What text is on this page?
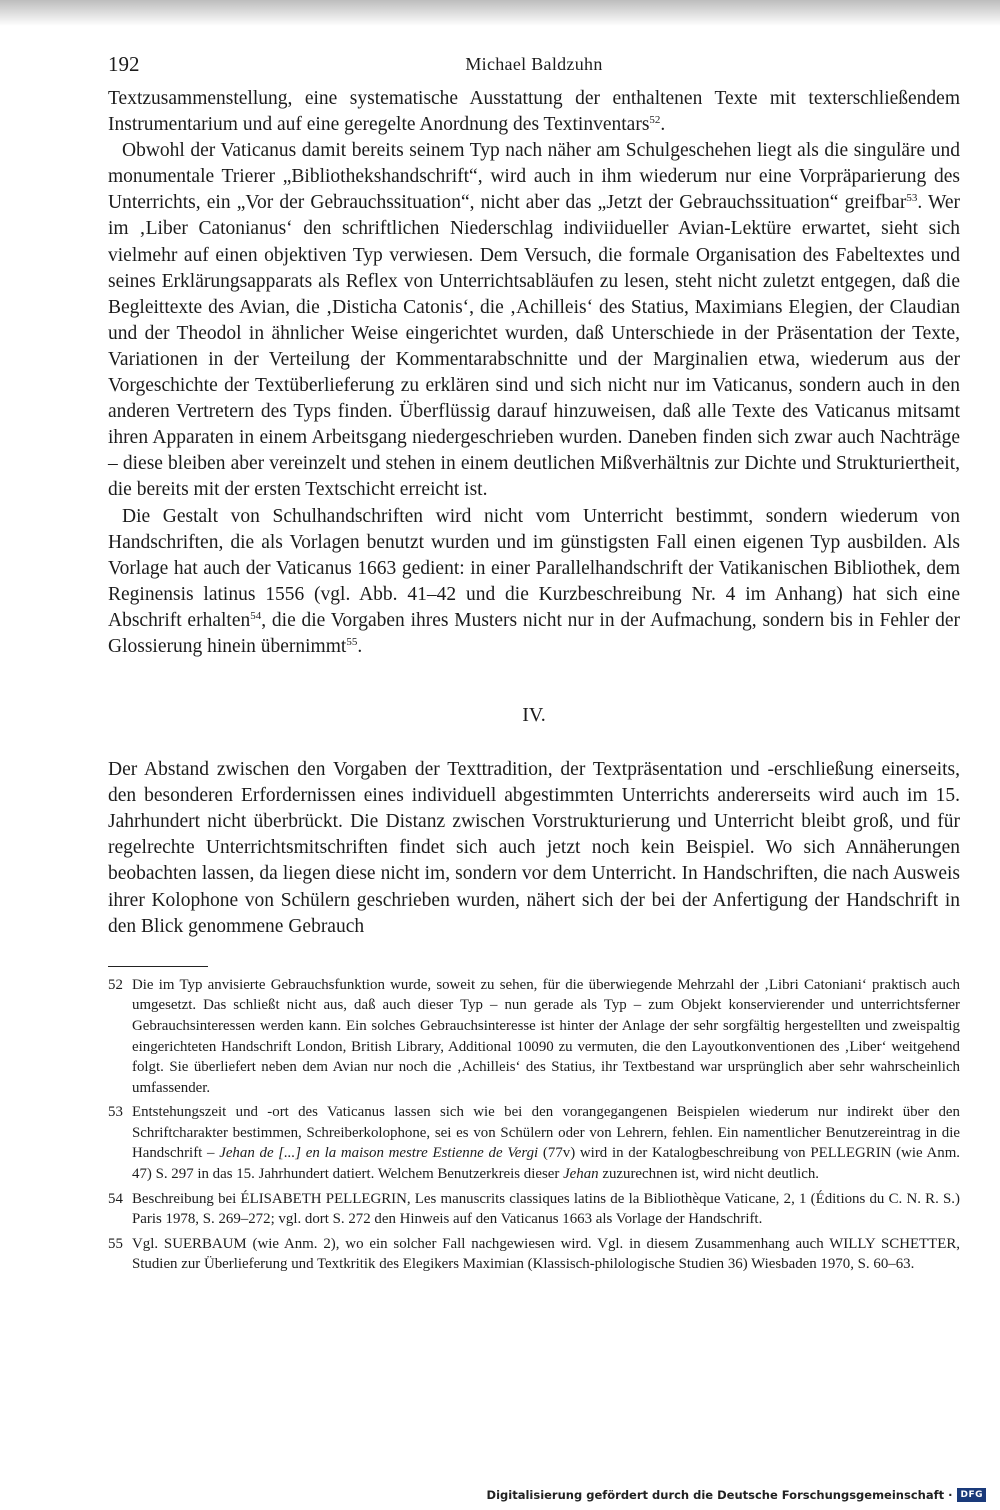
192	Michael Baldzuhn

Textzusammenstellung, eine systematische Ausstattung der enthaltenen Texte mit texterschließendem Instrumentarium und auf eine geregelte Anordnung des Textinventars$^{52}$.

Obwohl der Vaticanus damit bereits seinem Typ nach näher am Schulgeschehen liegt als die singuläre und monumentale Trierer „Bibliothekshandschrift“, wird auch in ihm wiederum nur eine Vorpräparierung des Unterrichts, ein „Vor der Gebrauchssituation“, nicht aber das „Jetzt der Gebrauchssituation“ greifbar$^{53}$. Wer im ‚Liber Catonianus‘ den schriftlichen Niederschlag indiviidueller Avian-Lektüre erwartet, sieht sich vielmehr auf einen objektiven Typ verwiesen. Dem Versuch, die formale Organisation des Fabeltextes und seines Erklärungsapparats als Reflex von Unterrichtsabläufen zu lesen, steht nicht zuletzt entgegen, daß die Begleittexte des Avian, die ‚Disticha Catonis‘, die ‚Achilleis‘ des Statius, Maximians Elegien, der Claudian und der Theodol in ähnlicher Weise eingerichtet wurden, daß Unterschiede in der Präsentation der Texte, Variationen in der Verteilung der Kommentarabschnitte und der Marginalien etwa, wiederum aus der Vorgeschichte der Textüberlieferung zu erklären sind und sich nicht nur im Vaticanus, sondern auch in den anderen Vertretern des Typs finden. Überflüssig darauf hinzuweisen, daß alle Texte des Vaticanus mitsamt ihren Apparaten in einem Arbeitsgang niedergeschrieben wurden. Daneben finden sich zwar auch Nachträge – diese bleiben aber vereinzelt und stehen in einem deutlichen Mißverhältnis zur Dichte und Strukturiertheit, die bereits mit der ersten Textschicht erreicht ist.

Die Gestalt von Schulhandschriften wird nicht vom Unterricht bestimmt, sondern wiederum von Handschriften, die als Vorlagen benutzt wurden und im günstigsten Fall einen eigenen Typ ausbilden. Als Vorlage hat auch der Vaticanus 1663 gedient: in einer Parallelhandschrift der Vatikanischen Bibliothek, dem Reginensis latinus 1556 (vgl. Abb. 41–42 und die Kurzbeschreibung Nr. 4 im Anhang) hat sich eine Abschrift erhalten$^{54}$, die die Vorgaben ihres Musters nicht nur in der Aufmachung, sondern bis in Fehler der Glossierung hinein übernimmt$^{55}$.

IV.

Der Abstand zwischen den Vorgaben der Texttradition, der Textpräsentation und -erschließung einerseits, den besonderen Erfordernissen eines individuell abgestimmten Unterrichts andererseits wird auch im 15. Jahrhundert nicht überbrückt. Die Distanz zwischen Vorstrukturierung und Unterricht bleibt groß, und für regelrechte Unterrichtsmitschriften findet sich auch jetzt noch kein Beispiel. Wo sich Annäherungen beobachten lassen, da liegen diese nicht im, sondern vor dem Unterricht. In Handschriften, die nach Ausweis ihrer Kolophone von Schülern geschrieben wurden, nähert sich der bei der Anfertigung der Handschrift in den Blick genommene Gebrauch

52 Die im Typ anvisierte Gebrauchsfunktion wurde, soweit zu sehen, für die überwiegende Mehrzahl der ‚Libri Catoniani‘ praktisch auch umgesetzt. Das schließt nicht aus, daß auch dieser Typ – nun gerade als Typ – zum Objekt konservierender und unterrichtsferner Gebrauchsinteressen werden kann. Ein solches Gebrauchsinteresse ist hinter der Anlage der sehr sorgfältig hergestellten und zweispaltig eingerichteten Handschrift London, British Library, Additional 10090 zu vermuten, die den Layoutkonventionen des ‚Liber‘ weitgehend folgt. Sie überliefert neben dem Avian nur noch die ‚Achilleis‘ des Statius, ihr Textbestand war ursprünglich aber sehr wahrscheinlich umfassender.

53 Entstehungszeit und -ort des Vaticanus lassen sich wie bei den vorangegangenen Beispielen wiederum nur indirekt über den Schriftcharakter bestimmen, Schreiberkolophone, sei es von Schülern oder von Lehrern, fehlen. Ein namentlicher Benutzereintrag in die Handschrift – Jehan de [...] en la maison mestre Estienne de Vergi (77v) wird in der Katalogbeschreibung von PELLEGRIN (wie Anm. 47) S. 297 in das 15. Jahrhundert datiert. Welchem Benutzerkreis dieser Jehan zuzurechnen ist, wird nicht deutlich.

54 Beschreibung bei ÉLISABETH PELLEGRIN, Les manuscrits classiques latins de la Bibliothèque Vaticane, 2, 1 (Éditions du C. N. R. S.) Paris 1978, S. 269–272; vgl. dort S. 272 den Hinweis auf den Vaticanus 1663 als Vorlage der Handschrift.

55 Vgl. SUERBAUM (wie Anm. 2), wo ein solcher Fall nachgewiesen wird. Vgl. in diesem Zusammenhang auch WILLY SCHETTER, Studien zur Überlieferung und Textkritik des Elegikers Maximian (Klassisch-philologische Studien 36) Wiesbaden 1970, S. 60–63.

Digitalisierung gefördert durch die Deutsche Forschungsgemeinschaft · DFG
